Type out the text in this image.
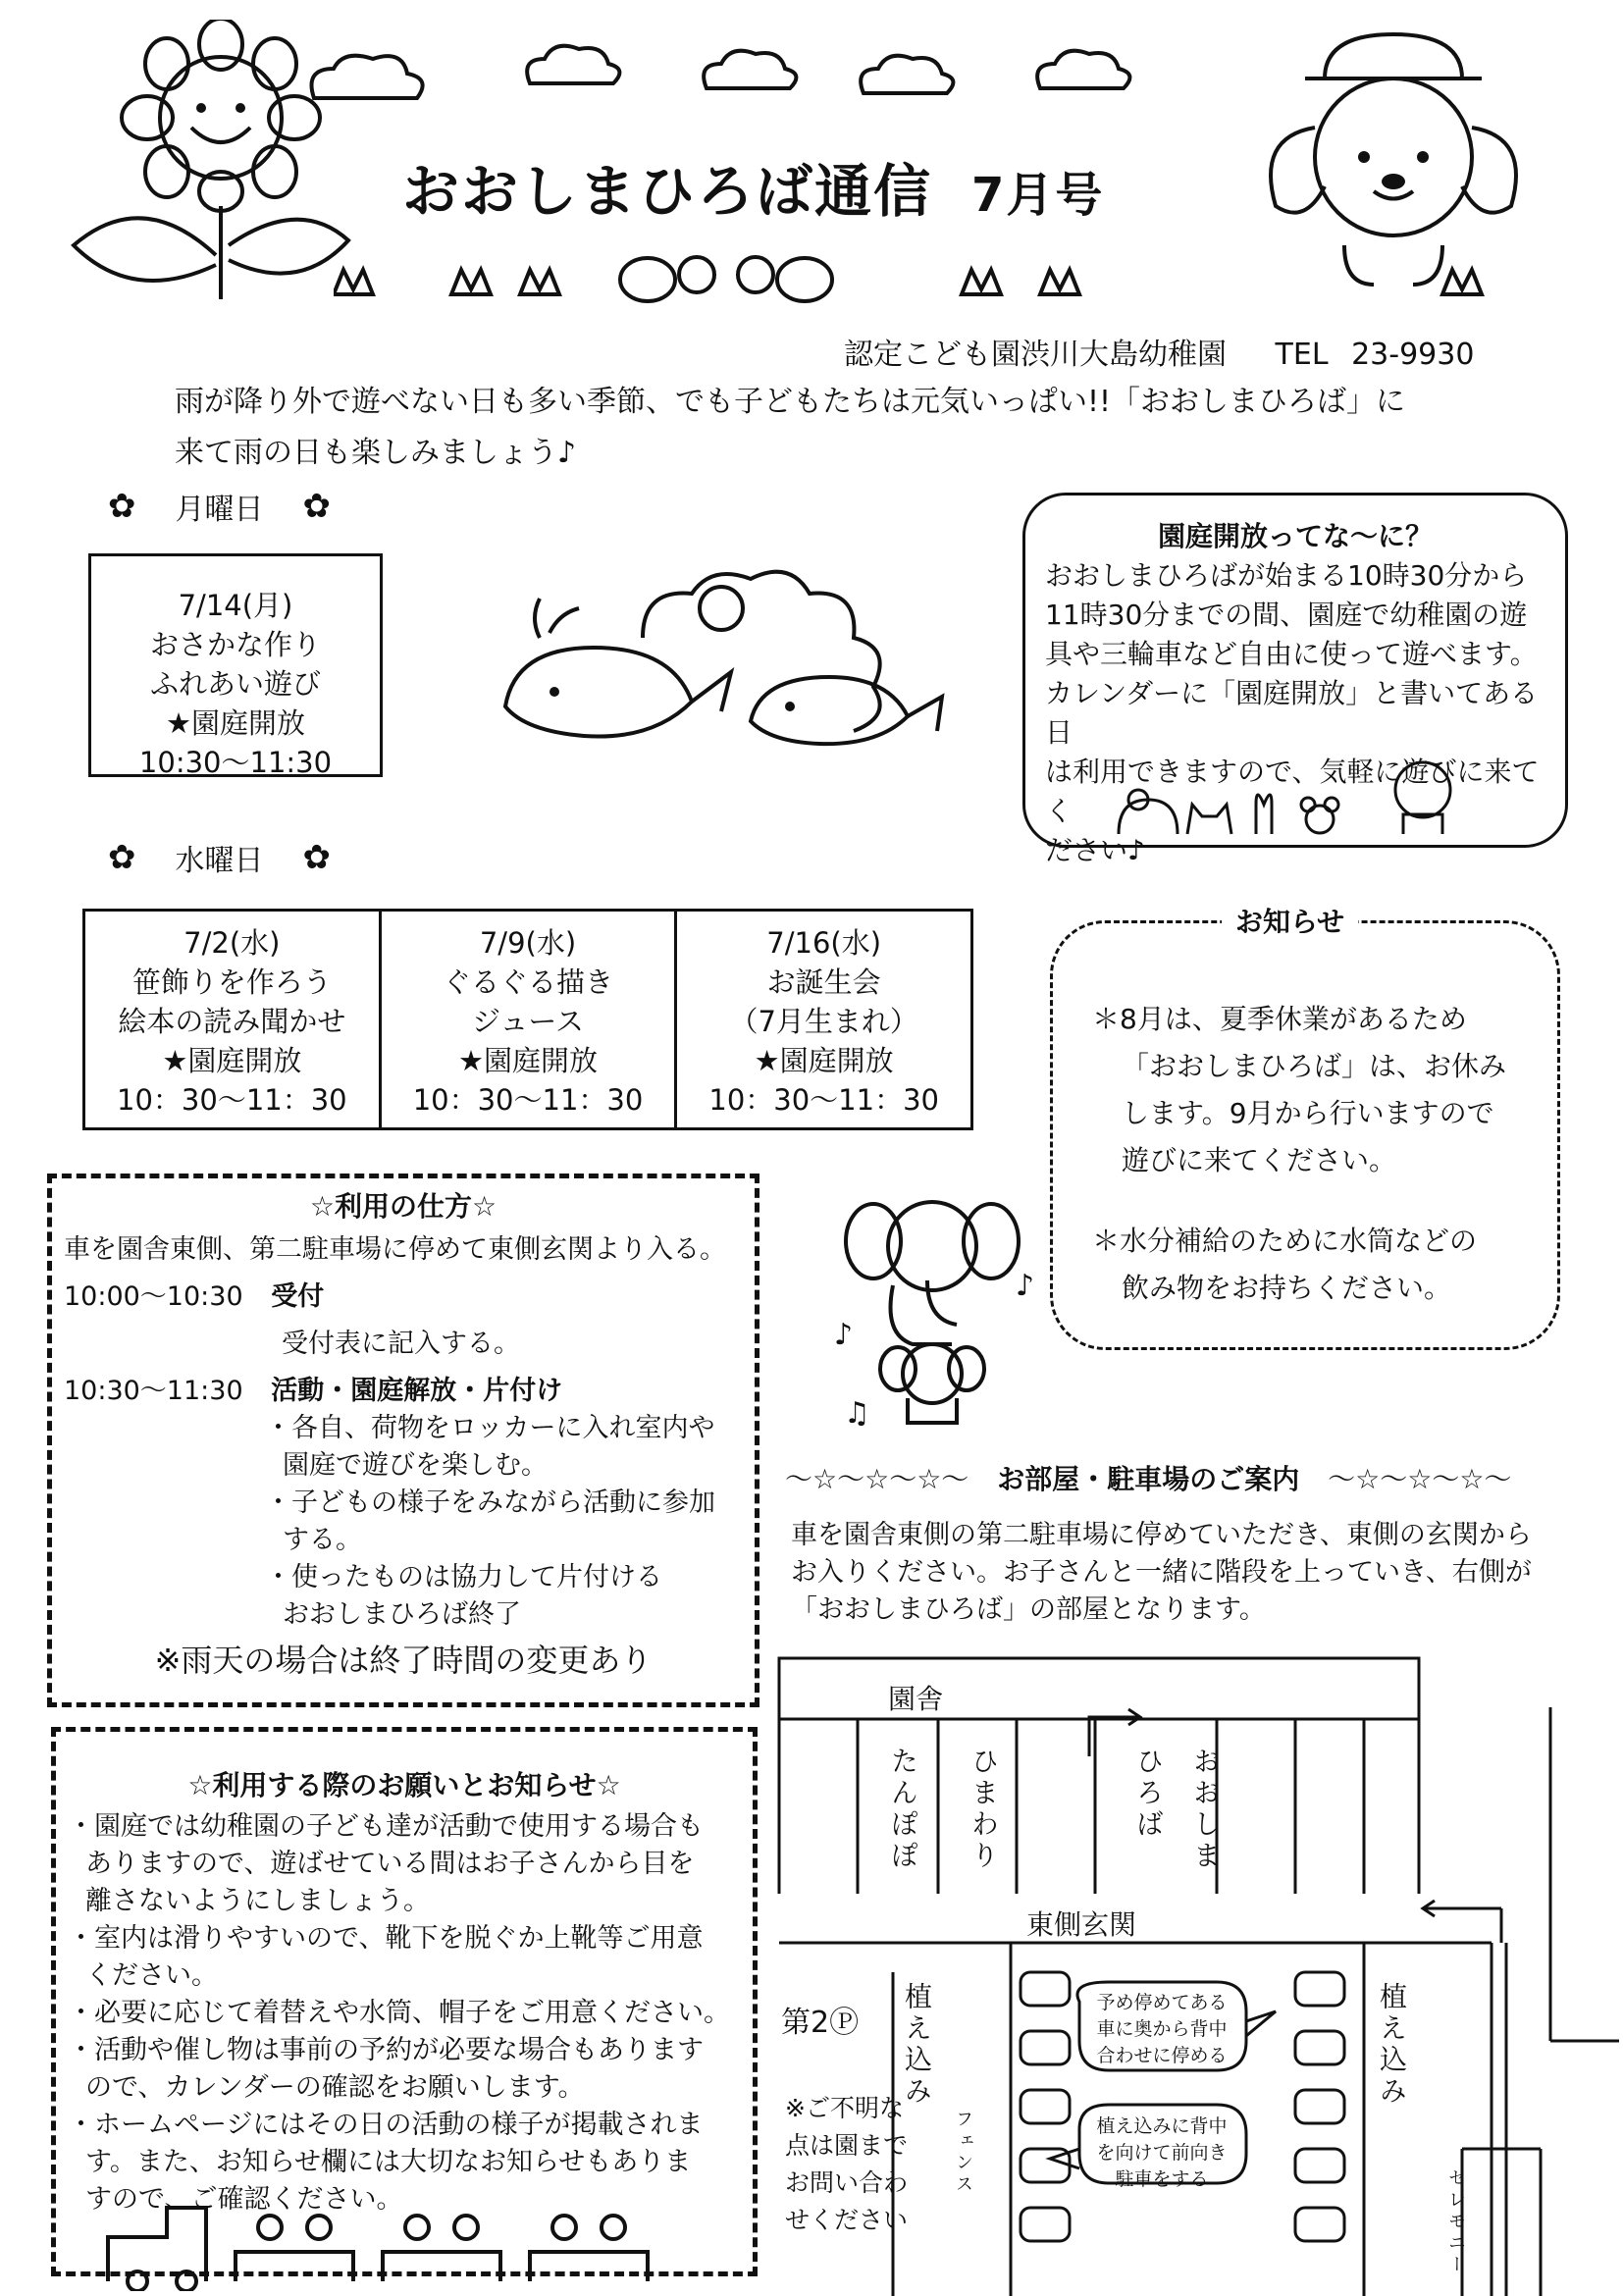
おおしまひろば通信 7月号
認定こども園渋川大島幼稚園 TEL 23-9930
雨が降り外で遊べない日も多い季節、でも子どもたちは元気いっぱい!!「おおしまひろば」に
来て雨の日も楽しみましょう♪
✿ 月曜日 ✿
7/14(月)
おさかな作り
ふれあい遊び
★園庭開放
10:30〜11:30
園庭開放ってな〜に？
おおしまひろばが始まる10時30分から
11時30分までの間、園庭で幼稚園の遊
具や三輪車など自由に使って遊べます。
カレンダーに「園庭開放」と書いてある日
は利用できますので、気軽に遊びに来てく
ださい♪
✿ 水曜日 ✿
7/2(水)
笹飾りを作ろう
絵本の読み聞かせ
★園庭開放
10：30〜11：30
7/9(水)
ぐるぐる描き
ジュース
★園庭開放
10：30〜11：30
7/16(水)
お誕生会
（7月生まれ）
★園庭開放
10：30〜11：30
＊8月は、夏季休業があるため
「おおしまひろば」は、お休み
します。9月から行いますので
遊びに来てください。
＊水分補給のために水筒などの
飲み物をお持ちください。
お知らせ
♪
♪
♫
☆利用の仕方☆
車を園舎東側、第二駐車場に停めて東側玄関より入る。
10:00〜10:30 受付
受付表に記入する。
10:30〜11:30 活動・園庭解放・片付け
・各自、荷物をロッカーに入れ室内や
園庭で遊びを楽しむ。
・子どもの様子をみながら活動に参加
する。
・使ったものは協力して片付ける
おおしまひろば終了
※雨天の場合は終了時間の変更あり
☆利用する際のお願いとお知らせ☆
・園庭では幼稚園の子ども達が活動で使用する場合も
ありますので、遊ばせている間はお子さんから目を
離さないようにしましょう。
・室内は滑りやすいので、靴下を脱ぐか上靴等ご用意
ください。
・必要に応じて着替えや水筒、帽子をご用意ください。
・活動や催し物は事前の予約が必要な場合もあります
ので、カレンダーの確認をお願いします。
・ホームページにはその日の活動の様子が掲載されま
す。また、お知らせ欄には大切なお知らせもありま
すので、ご確認ください。
〜☆〜☆〜☆〜 お部屋・駐車場のご案内 〜☆〜☆〜☆〜
車を園舎東側の第二駐車場に停めていただき、東側の玄関から
お入りください。お子さんと一緒に階段を上っていき、右側が
「おおしまひろば」の部屋となります。
園舎
たんぽぽ ひまわり	ひろば おおしま
東側玄関
第2Ⓟ 植え込み	植え込み
フェンス
セレモニー
予め停めてある
車に奥から背中
合わせに停める
植え込みに背中
を向けて前向き
駐車をする
※ご不明な
点は園まで
お問い合わ
せください
